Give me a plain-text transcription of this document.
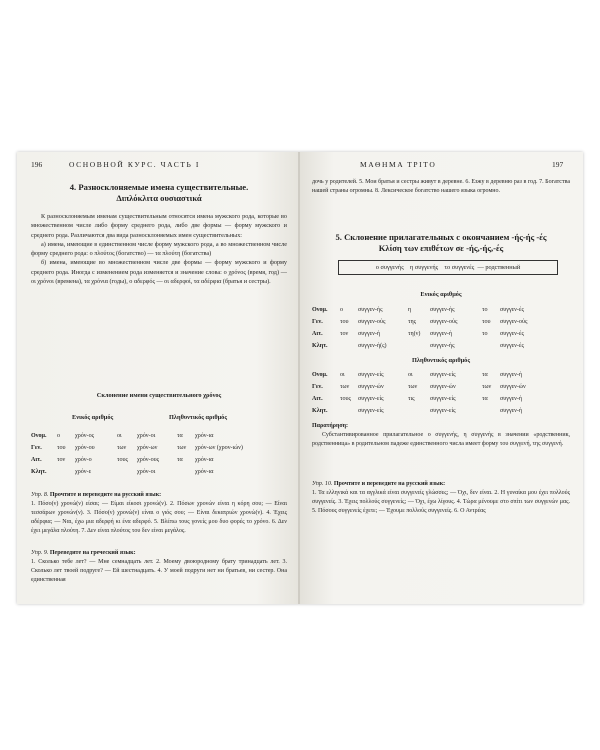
196	ОСНОВНОЙ КУРС. ЧАСТЬ I
4. Разносклоняемые имена существительные.
Διπλόκλιτα ουσιαστικά

К разносклоняемым именам существительным относятся имена мужского рода, которые во множественном числе либо форму среднего рода, либо две формы — форму мужского и среднего рода. Различаются два вида разносклоняемых имен существительных:

а) имена, имеющие в единственном числе форму мужского рода, а во множественном числе форму среднего рода: ο πλούτος (богатство) — τα πλούτη (богатства)

б) имена, имеющие во множественном числе две формы — форму мужского и форму среднего рода. Иногда с изменением рода изменяется и значение слова: ο χρόνος (время, год) — οι χρόνοι (времена), τα χρόνια (годы), ο αδερφός — οι αδερφοί, τα αδέρφια (братья и сестры).

Склонение имени существительного χρόνος
Ενικός αριθμός	Πληθυντικός αριθμός
Ονομ.	ο	χρόν-ος	οι	χρόν-οι	τα	χρόν-ια
Γεν.	του	χρόν-ου	των	χρόν-ων	των	χρόν-ων (χρον-ιών)
Αιτ.	τον	χρόν-ο	τους	χρόν-ους	τα	χρόν-ια
Κλητ.		χρόν-ε		χρόν-οι		χρόν-ια
Упр. 8. Прочтите и переведите на русский язык:

1. Πόσο(ν) χρονώ(ν) είσαι; — Είμαι είκοσι χρονώ(ν). 2. Πόσων χρονών είναι η κόρη σου; — Είναι τεσσάρων χρονών(ν). 3. Πόσο(ν) χρονώ(ν) είναι ο γιός σου; — Είναι δεκατριών χρονώ(ν). 4. Έχεις αδέρφια; — Ναι, έχω μια αδερφή κι ένα αδερφό. 5. Βλέπω τους γονείς μου δυο φορές το χρόνο. 6. Δεν έχει μεγάλα πλούτη. 7. Δεν είναι πλούτος του δεν είναι μεγάλος.

Упр. 9. Переведите на греческий язык:

1. Сколько тебе лет? — Мне семнадцать лет. 2. Моему двоюродному брату тринадцать лет. 3. Сколько лет твоей подруге? — Ей шестнадцать. 4. У моей подруги нет ни братьев, ни сестер. Она единственная

ΜΑΘΗΜΑ ΤΡΙΤΟ	197

дочь у родителей. 5. Мои братья и сестры живут в деревне. 6. Езжу в деревню раз в год. 7. Богатства нашей страны огромны. 8. Лексическое богатство нашего языка огромно.

5. Склонение прилагательных с окончанием -ής-ής -ές
Κλίση των επιθέτων σε -ής,-ής,-ές
ο συγγενής η συγγενής το συγγενές — родственный
Ενικός αριθμός
Ονομ.	ο	συγγεν-ής	η	συγγεν-ής	το	συγγεν-ές
Γεν.	του	συγγεν-ούς	της	συγγεν-ούς	του	συγγεν-ούς
Αιτ.	τον	συγγεν-ή	τη(ν)	συγγεν-ή	το	συγγεν-ές
Κλητ.		συγγεν-ή(ς)		συγγεν-ής		συγγεν-ές
Πληθυντικός αριθμός
Ονομ.	οι	συγγεν-είς	οι	συγγεν-είς	τα	συγγεν-ή
Γεν.	των	συγγεν-ών	των	συγγεν-ών	των	συγγεν-ών
Αιτ.	τους	συγγεν-είς	τις	συγγεν-είς	τα	συγγεν-ή
Κλητ.		συγγεν-είς		συγγεν-είς		συγγεν-ή
Παρατήρηση:

Субстантивированное прилагательное ο συγγενής, η συγγενής в значении «родственник, родственница» в родительном падеже единственного числа имеет форму του συγγενή, της συγγενή.

Упр. 10. Прочтите и переведите на русский язык:

1. Τα ελληνικά και τα αγγλικά είναι συγγενείς γλώσσες; — Όχι, δεν είναι. 2. Η γυναίκα μου έχει πολλούς συγγενείς. 3. Έχεις πολλούς συγγενείς; — Όχι, έχω λίγους. 4. Τώρα μένουμε στο σπίτι των συγγενών μας. 5. Πόσους συγγενείς έχετε; — Έχουμε πολλούς συγγενείς. 6. Ο Αντρέας
